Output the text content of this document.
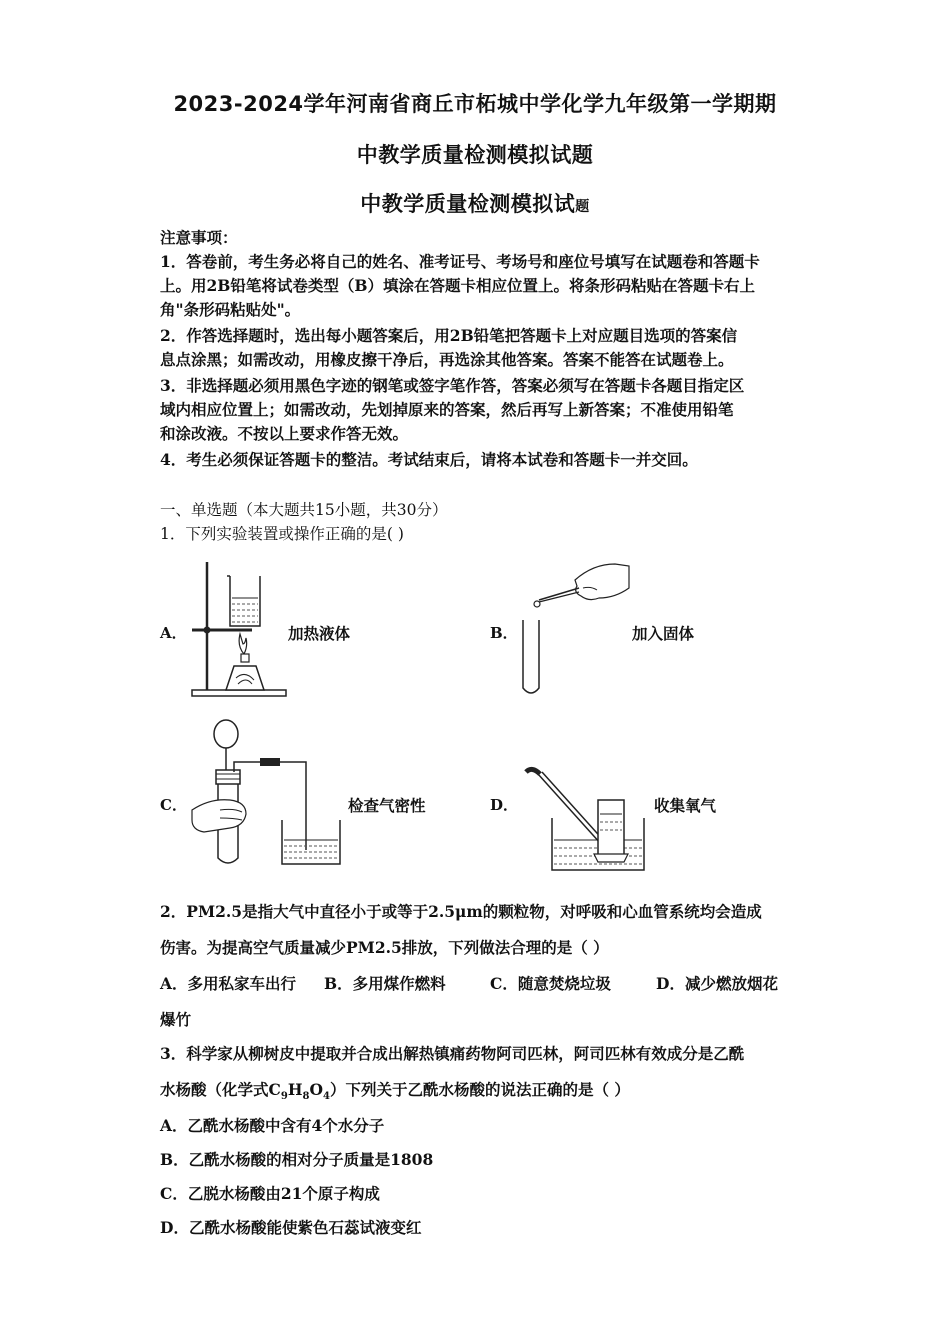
2023-2024学年河南省商丘市柘城中学化学九年级第一学期期
中教学质量检测模拟试题
中教学质量检测模拟试题
注意事项：
1．答卷前，考生务必将自己的姓名、准考证号、考场号和座位号填写在试题卷和答题卡
上。用2B铅笔将试卷类型（B）填涂在答题卡相应位置上。将条形码粘贴在答题卡右上
角"条形码粘贴处"。
2．作答选择题时，选出每小题答案后，用2B铅笔把答题卡上对应题目选项的答案信
息点涂黑；如需改动，用橡皮擦干净后，再选涂其他答案。答案不能答在试题卷上。
3．非选择题必须用黑色字迹的钢笔或签字笔作答，答案必须写在答题卡各题目指定区
域内相应位置上；如需改动，先划掉原来的答案，然后再写上新答案；不准使用铅笔
和涂改液。不按以上要求作答无效。
4．考生必须保证答题卡的整洁。考试结束后，请将本试卷和答题卡一并交回。
一、单选题（本大题共15小题，共30分）
1．下列实验装置或操作正确的是( )
A．	加热液体	B．	加入固体
C．	检查气密性	D．	收集氧气
2．PM2.5是指大气中直径小于或等于2.5μm的颗粒物，对呼吸和心血管系统均会造成
伤害。为提高空气质量减少PM2.5排放，下列做法合理的是（ ）
A．多用私家车出行 B．多用煤作燃料	C．随意焚烧垃圾	D．减少燃放烟花
爆竹
3．科学家从柳树皮中提取并合成出解热镇痛药物阿司匹林，阿司匹林有效成分是乙酰
水杨酸（化学式$C_9H_8O_4$）下列关于乙酰水杨酸的说法正确的是（ ）
A．乙酰水杨酸中含有4个水分子
B．乙酰水杨酸的相对分子质量是1808
C．乙脱水杨酸由21个原子构成
D．乙酰水杨酸能使紫色石蕊试液变红
